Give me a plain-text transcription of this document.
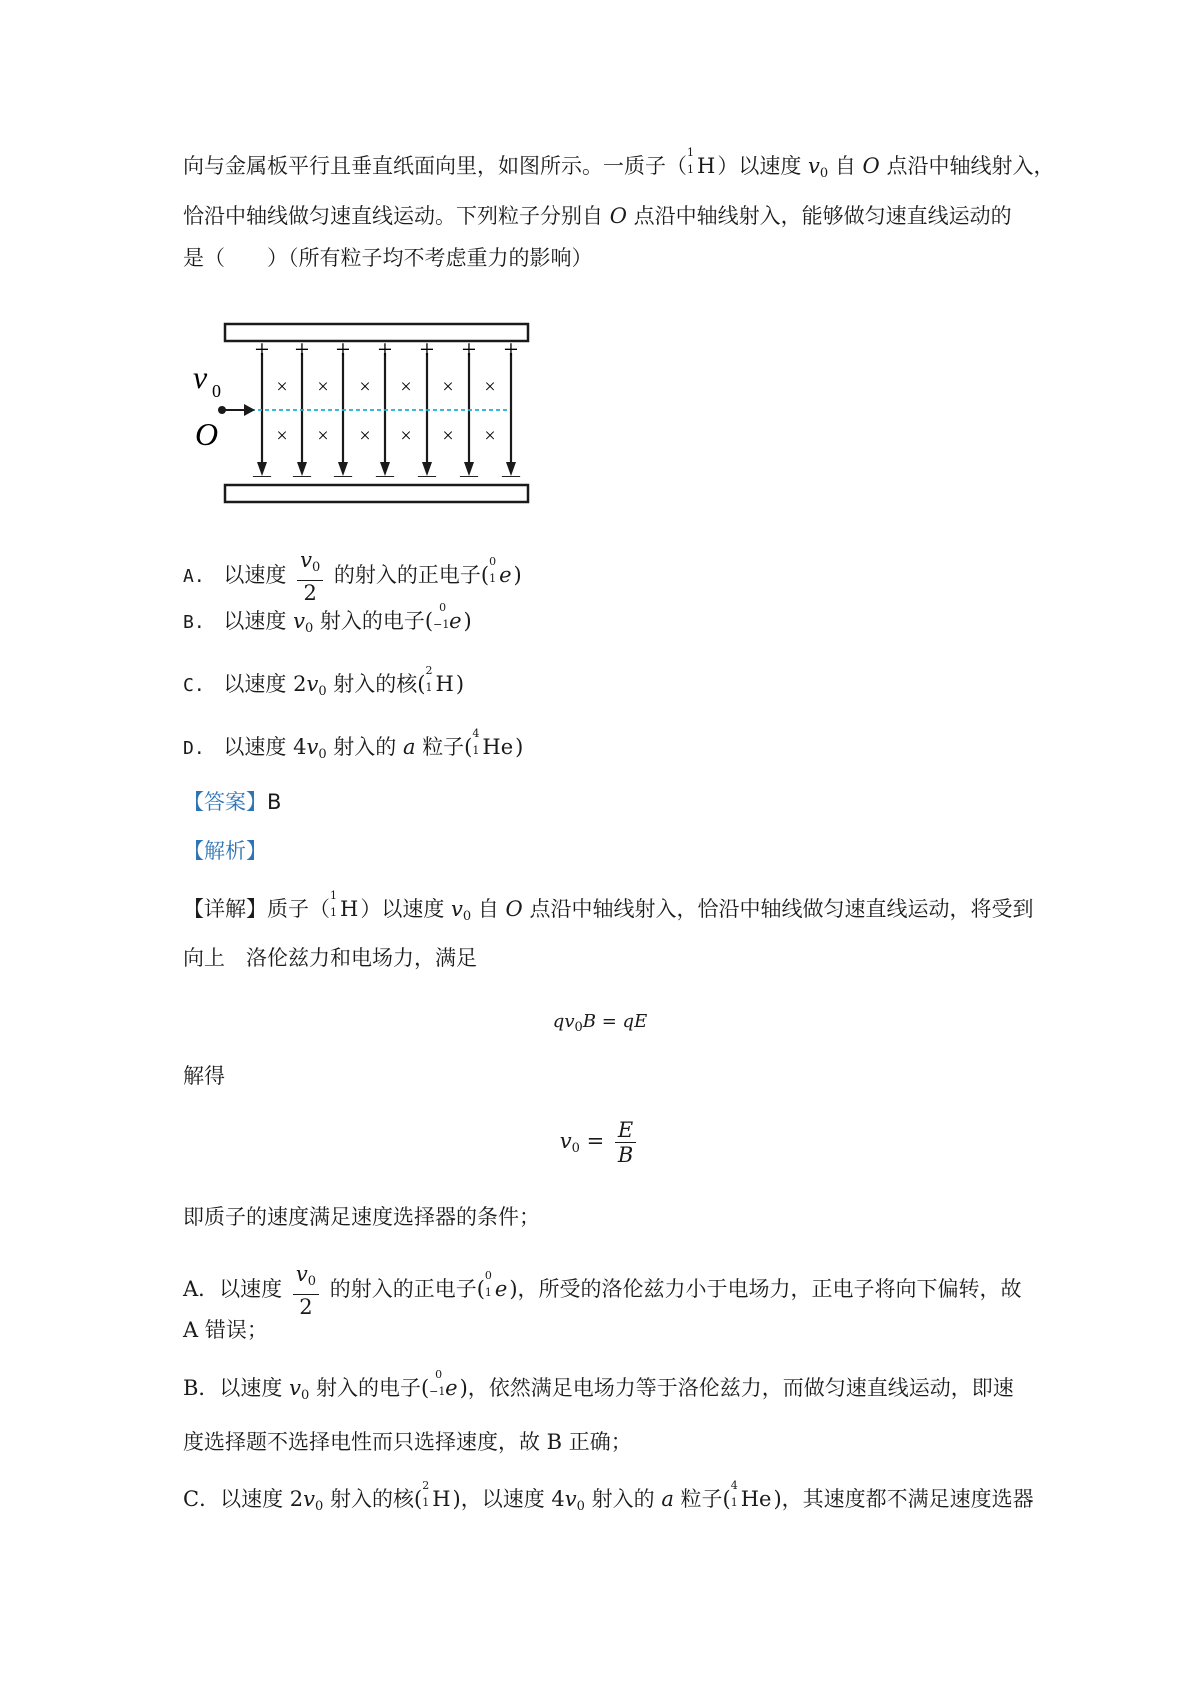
向与金属板平行且垂直纸面向里，如图所示。一质子（
1
1 H）以速度 $v_0$ 自 O 点沿中轴线射入，
恰沿中轴线做匀速直线运动。下列粒子分别自 O 点沿中轴线射入，能够做匀速直线运动的
是（　　）（所有粒子均不考虑重力的影响）
+ + + + + + +
— — — — — — —
× × × × × ×
× × × × × ×
v 0
O
A. 以速度 $\frac{v_0}{2}$ 的射入的正电子(
0
1 e)
B. 以速度 $v_0$ 射入的电子(
0
−1 e)
C. 以速度 $2v_0$ 射入的核(
2
1 H)
D. 以速度 $4v_0$ 射入的 a 粒子(
4
1 He)
【答案】B
【解析】
【详解】质子（
1
1 H）以速度 $v_0$ 自 O 点沿中轴线射入，恰沿中轴线做匀速直线运动，将受到
向上　洛伦兹力和电场力，满足
$qv_0B$ = qE
解得
$v_0 = \frac{E}{B}$
即质子的速度满足速度选择器的条件；
A．以速度 $\frac{v_0}{2}$ 的射入的正电子(
0
1 e)，所受的洛伦兹力小于电场力，正电子将向下偏转，故
A 错误；
B．以速度 $v_0$ 射入的电子(
0
−1 e)，依然满足电场力等于洛伦兹力，而做匀速直线运动，即速
度选择题不选择电性而只选择速度，故 B 正确；
C．以速度 $2v_0$ 射入的核(
2
1 H)，以速度 $4v_0$ 射入的 a 粒子(
4
1 He)，其速度都不满足速度选器
